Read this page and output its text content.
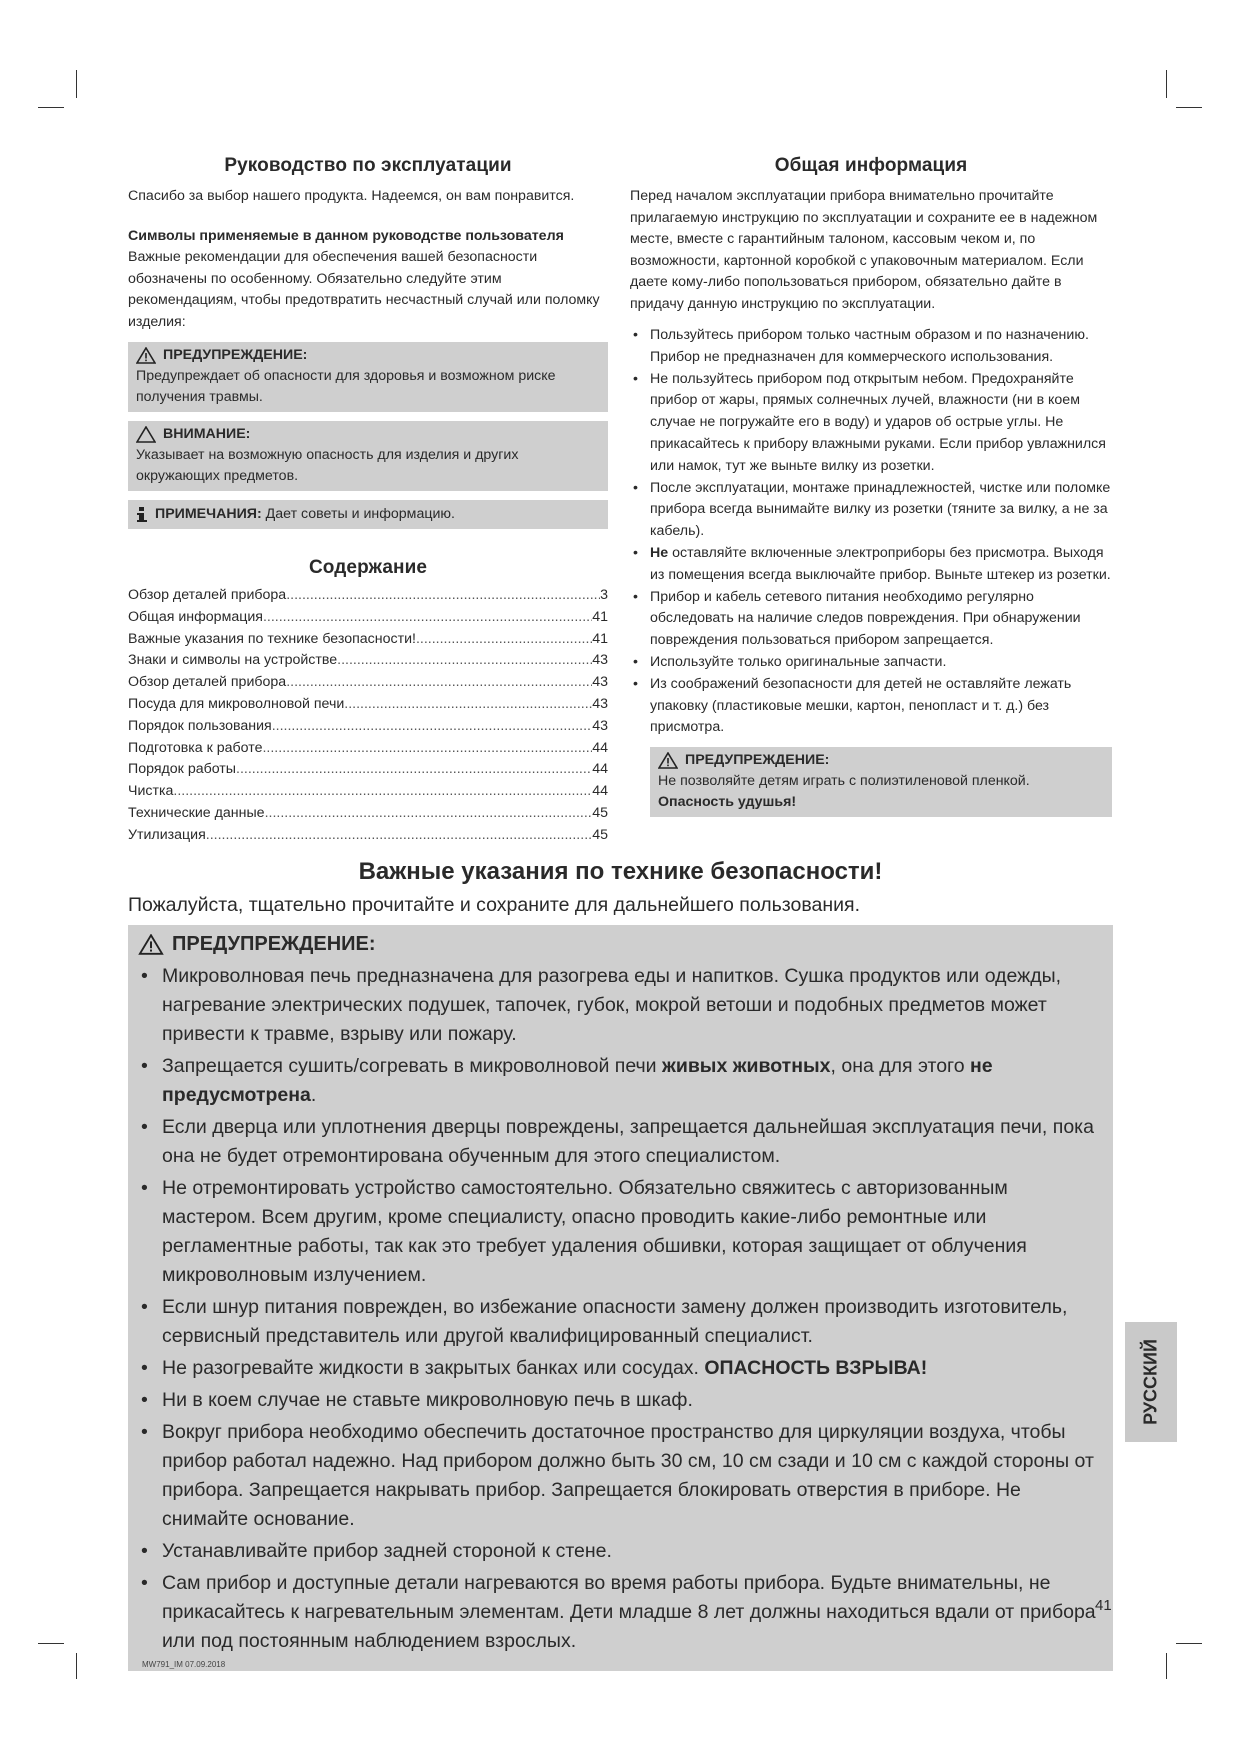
Руководство по эксплуатации

Спасибо за выбор нашего продукта. Надеемся, он вам понравится.

Символы применяемые в данном руководстве пользователя

Важные рекомендации для обеспечения вашей безопасности обозначены по особенному. Обязательно следуйте этим рекомендациям, чтобы предотвратить несчастный случай или поломку изделия:

ПРЕДУПРЕЖДЕНИЕ:
Предупреждает об опасности для здоровья и возможном риске получения травмы.
ВНИМАНИЕ:
Указывает на возможную опасность для изделия и других окружающих предметов.
ПРИМЕЧАНИЯ: Дает советы и информацию.
Содержание
Обзор деталей прибора .....	3
Общая информация .....	41
Важные указания по технике безопасности! .....	41
Знаки и символы на устройстве .....	43
Обзор деталей прибора .....	43
Посуда для микроволновой печи .....	43
Порядок пользования .....	43
Подготовка к работе .....	44
Порядок работы .....	44
Чистка .....	44
Технические данные .....	45
Утилизация .....	45
Общая информация

Перед началом эксплуатации прибора внимательно прочитайте прилагаемую инструкцию по эксплуатации и сохраните ее в надежном месте, вместе с гарантийным талоном, кассовым чеком и, по возможности, картонной коробкой с упаковочным материалом. Если даете кому-либо попользоваться прибором, обязательно дайте в придачу данную инструкцию по эксплуатации.

• Пользуйтесь прибором только частным образом и по назначению. Прибор не предназначен для коммерческого использования.
• Не пользуйтесь прибором под открытым небом. Предохраняйте прибор от жары, прямых солнечных лучей, влажности (ни в коем случае не погружайте его в воду) и ударов об острые углы. Не прикасайтесь к прибору влажными руками. Если прибор увлажнился или намок, тут же выньте вилку из розетки.
• После эксплуатации, монтаже принадлежностей, чистке или поломке прибора всегда вынимайте вилку из розетки (тяните за вилку, а не за кабель).
• Не оставляйте включенные электроприборы без присмотра. Выходя из помещения всегда выключайте прибор. Выньте штекер из розетки.
• Прибор и кабель сетевого питания необходимо регулярно обследовать на наличие следов повреждения. При обнаружении повреждения пользоваться прибором запрещается.
• Используйте только оригинальные запчасти.
• Из соображений безопасности для детей не оставляйте лежать упаковку (пластиковые мешки, картон, пенопласт и т. д.) без присмотра.
ПРЕДУПРЕЖДЕНИЕ:
Не позволяйте детям играть с полиэтиленовой пленкой.
Опасность удушья!
Важные указания по технике безопасности!

Пожалуйста, тщательно прочитайте и сохраните для дальнейшего пользования.

ПРЕДУПРЕЖДЕНИЕ:
• Микроволновая печь предназначена для разогрева еды и напитков. Сушка продуктов или одежды, нагревание электрических подушек, тапочек, губок, мокрой ветоши и подобных предметов может привести к травме, взрыву или пожару.
• Запрещается сушить/согревать в микроволновой печи живых животных, она для этого не предусмотрена.
• Если дверца или уплотнения дверцы повреждены, запрещается дальнейшая эксплуатация печи, пока она не будет отремонтирована обученным для этого специалистом.
• Не отремонтировать устройство самостоятельно. Обязательно свяжитесь с авторизованным мастером. Всем другим, кроме специалисту, опасно проводить какие-либо ремонтные или регламентные работы, так как это требует удаления обшивки, которая защищает от облучения микроволновым излучением.
• Если шнур питания поврежден, во избежание опасности замену должен производить изготовитель, сервисный представитель или другой квалифицированный специалист.
• Не разогревайте жидкости в закрытых банках или сосудах. ОПАСНОСТЬ ВЗРЫВА!
• Ни в коем случае не ставьте микроволновую печь в шкаф.
• Вокруг прибора необходимо обеспечить достаточное пространство для циркуляции воздуха, чтобы прибор работал надежно. Над прибором должно быть 30 см, 10 см сзади и 10 см с каждой стороны от прибора. Запрещается накрывать прибор. Запрещается блокировать отверстия в приборе. Не снимайте основание.
• Устанавливайте прибор задней стороной к стене.
• Сам прибор и доступные детали нагреваются во время работы прибора. Будьте внимательны, не прикасайтесь к нагревательным элементам. Дети младше 8 лет должны находиться вдали от прибора или под постоянным наблюдением взрослых.
РУССКИЙ
41
MW791_IM 07.09.2018
